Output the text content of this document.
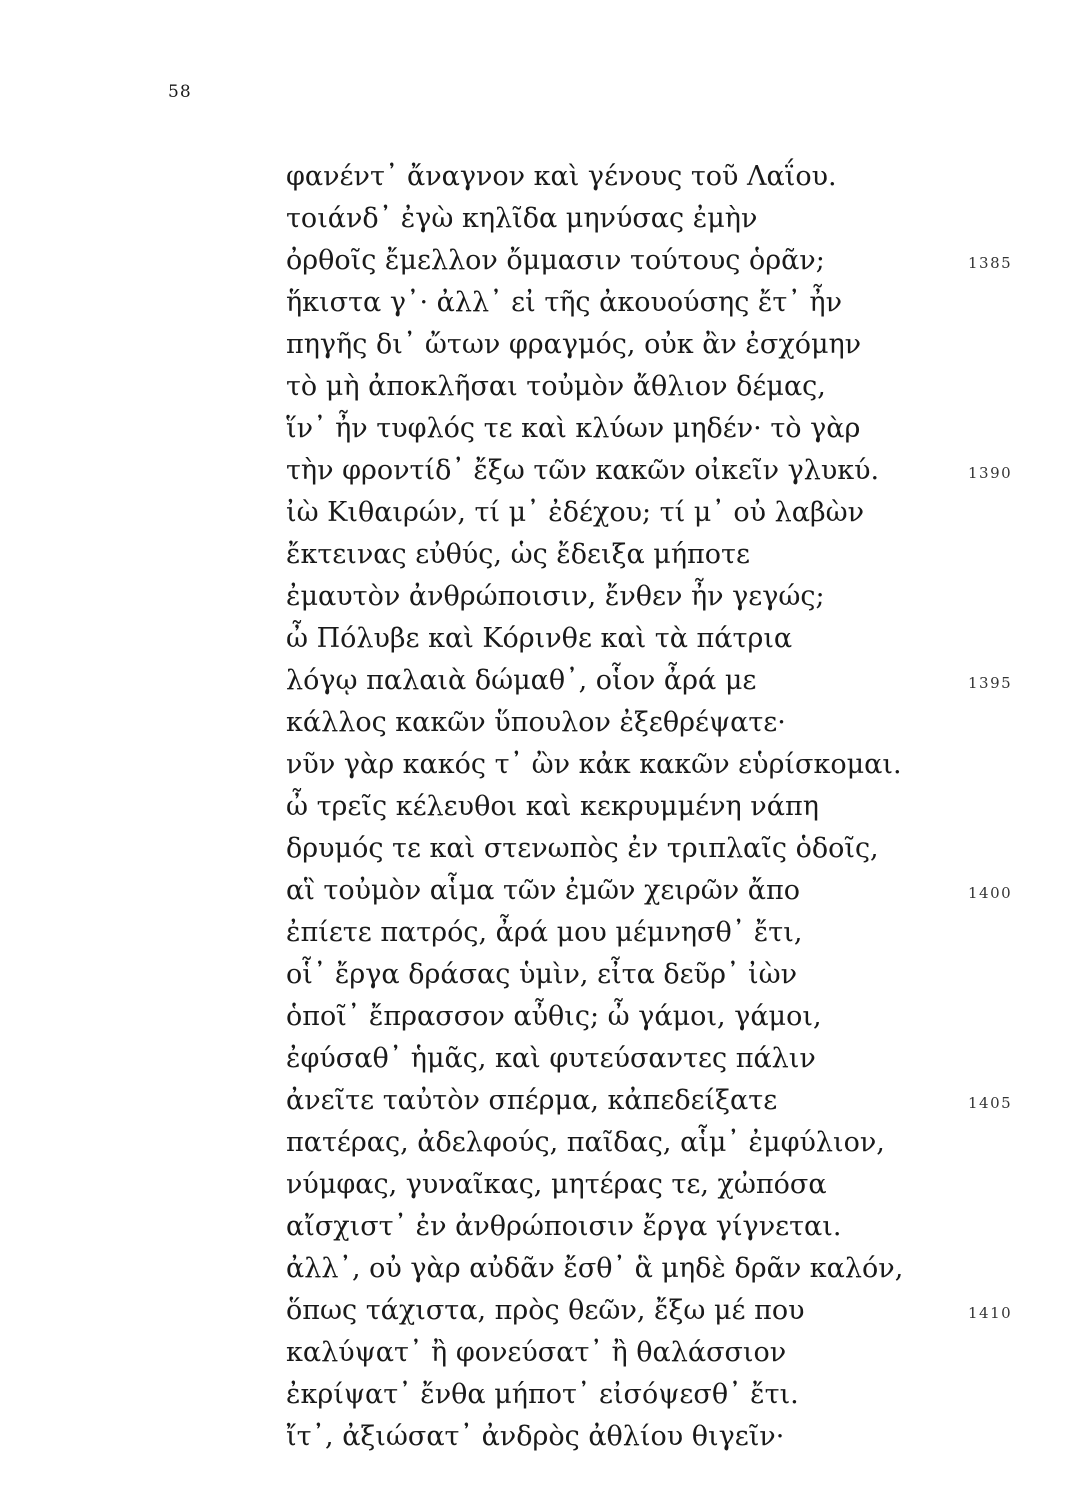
58
φανέντ᾽ ἄναγνον καὶ γένους τοῦ Λαΐου.
τοιάνδ᾽ ἐγὼ κηλῖδα μηνύσας ἐμὴν
ὀρθοῖς ἔμελλον ὄμμασιν τούτους ὁρᾶν;	1385
ἥκιστα γ᾽· ἀλλ᾽ εἰ τῆς ἀκουούσης ἔτ᾽ ἦν
πηγῆς δι᾽ ὤτων φραγμός, οὐκ ἂν ἐσχόμην
τὸ μὴ ἀποκλῆσαι τοὐμὸν ἄθλιον δέμας,
ἵν᾽ ἦν τυφλός τε καὶ κλύων μηδέν· τὸ γὰρ
τὴν φροντίδ᾽ ἔξω τῶν κακῶν οἰκεῖν γλυκύ.	1390
ἰὼ Κιθαιρών, τί μ᾽ ἐδέχου; τί μ᾽ οὐ λαβὼν
ἔκτεινας εὐθύς, ὡς ἔδειξα μήποτε
ἐμαυτὸν ἀνθρώποισιν, ἔνθεν ἦν γεγώς;
ὦ Πόλυβε καὶ Κόρινθε καὶ τὰ πάτρια
λόγῳ παλαιὰ δώμαθ᾽, οἷον ἆρά με	1395
κάλλος κακῶν ὕπουλον ἐξεθρέψατε·
νῦν γὰρ κακός τ᾽ ὢν κἀκ κακῶν εὑρίσκομαι.
ὦ τρεῖς κέλευθοι καὶ κεκρυμμένη νάπη
δρυμός τε καὶ στενωπὸς ἐν τριπλαῖς ὁδοῖς,
αἳ τοὐμὸν αἷμα τῶν ἐμῶν χειρῶν ἄπο	1400
ἐπίετε πατρός, ἆρά μου μέμνησθ᾽ ἔτι,
οἷ᾽ ἔργα δράσας ὑμὶν, εἶτα δεῦρ᾽ ἰὼν
ὁποῖ᾽ ἔπρασσον αὖθις; ὦ γάμοι, γάμοι,
ἐφύσαθ᾽ ἡμᾶς, καὶ φυτεύσαντες πάλιν
ἀνεῖτε ταὐτὸν σπέρμα, κἀπεδείξατε	1405
πατέρας, ἀδελφούς, παῖδας, αἷμ᾽ ἐμφύλιον,
νύμφας, γυναῖκας, μητέρας τε, χὠπόσα
αἴσχιστ᾽ ἐν ἀνθρώποισιν ἔργα γίγνεται.
ἀλλ᾽, οὐ γὰρ αὐδᾶν ἔσθ᾽ ἃ μηδὲ δρᾶν καλόν,
ὅπως τάχιστα, πρὸς θεῶν, ἔξω μέ που	1410
καλύψατ᾽ ἢ φονεύσατ᾽ ἢ θαλάσσιον
ἐκρίψατ᾽ ἔνθα μήποτ᾽ εἰσόψεσθ᾽ ἔτι.
ἴτ᾽, ἀξιώσατ᾽ ἀνδρὸς ἀθλίου θιγεῖν·
